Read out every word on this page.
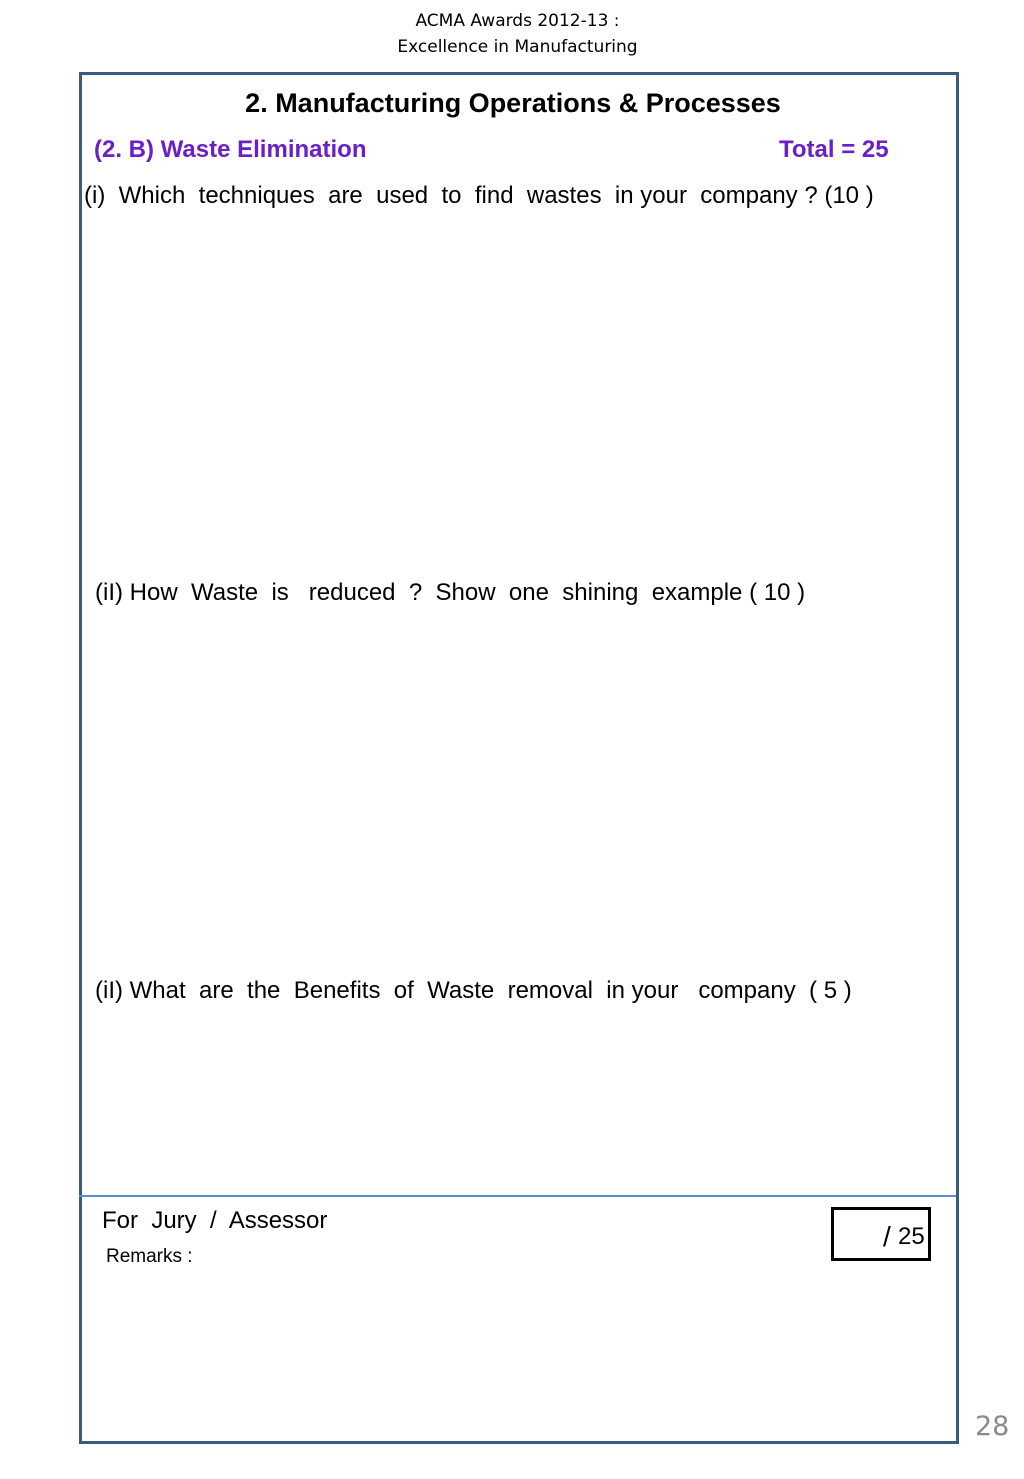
ACMA Awards 2012-13 :
Excellence in Manufacturing
2. Manufacturing Operations & Processes
(2. B) Waste Elimination	Total = 25
(i)  Which  techniques  are  used  to  find  wastes  in your  company ? (10 )
(iI) How  Waste  is   reduced  ?  Show  one  shining  example ( 10 )
(iI) What  are  the  Benefits  of  Waste  removal  in your   company  ( 5 )
For  Jury  /  Assessor
Remarks :
/ 25
28
